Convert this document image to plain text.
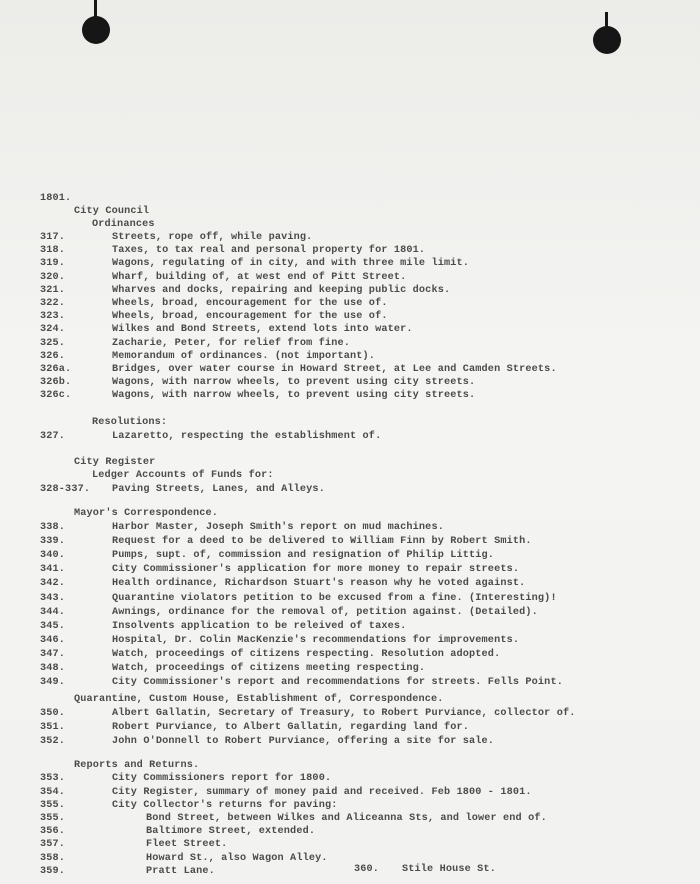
1801.
City Council
Ordinances
317.	Streets, rope off, while paving.
318.	Taxes, to tax real and personal property for 1801.
319.	Wagons, regulating of in city, and with three mile limit.
320.	Wharf, building of, at west end of Pitt Street.
321.	Wharves and docks, repairing and keeping public docks.
322.	Wheels, broad, encouragement for the use of.
323.	Wheels, broad, encouragement for the use of.
324.	Wilkes and Bond Streets, extend lots into water.
325.	Zacharie, Peter, for relief from fine.
326.	Memorandum of ordinances. (not important).
326a.	Bridges, over water course in Howard Street, at Lee and Camden Streets.
326b.	Wagons, with narrow wheels, to prevent using city streets.
326c.	Wagons, with narrow wheels, to prevent using city streets.
Resolutions:
327.	Lazaretto, respecting the establishment of.
City Register
Ledger Accounts of Funds for:
328-337. Paving Streets, Lanes, and Alleys.
Mayor's Correspondence.
338.	Harbor Master, Joseph Smith's report on mud machines.
339.	Request for a deed to be delivered to William Finn by Robert Smith.
340.	Pumps, supt. of, commission and resignation of Philip Littig.
341.	City Commissioner's application for more money to repair streets.
342.	Health ordinance, Richardson Stuart's reason why he voted against.
343.	Quarantine violators petition to be excused from a fine. (Interesting)!
344.	Awnings, ordinance for the removal of, petition against. (Detailed).
345.	Insolvents application to be releived of taxes.
346.	Hospital, Dr. Colin MacKenzie's recommendations for improvements.
347.	Watch, proceedings of citizens respecting. Resolution adopted.
348.	Watch, proceedings of citizens meeting respecting.
349.	City Commissioner's report and recommendations for streets. Fells Point.
Quarantine, Custom House, Establishment of, Correspondence.
350.	Albert Gallatin, Secretary of Treasury, to Robert Purviance, collector of.
351.	Robert Purviance, to Albert Gallatin, regarding land for.
352.	John O'Donnell to Robert Purviance, offering a site for sale.
Reports and Returns.
353.	City Commissioners report for 1800.
354.	City Register, summary of money paid and received. Feb 1800 - 1801.
355.	City Collector's returns for paving:
355.	Bond Street, between Wilkes and Aliceanna Sts, and lower end of.
356.	Baltimore Street, extended.
357.	Fleet Street.
358.	Howard St., also Wagon Alley.
359.	Pratt Lane.	360. Stile House St.
